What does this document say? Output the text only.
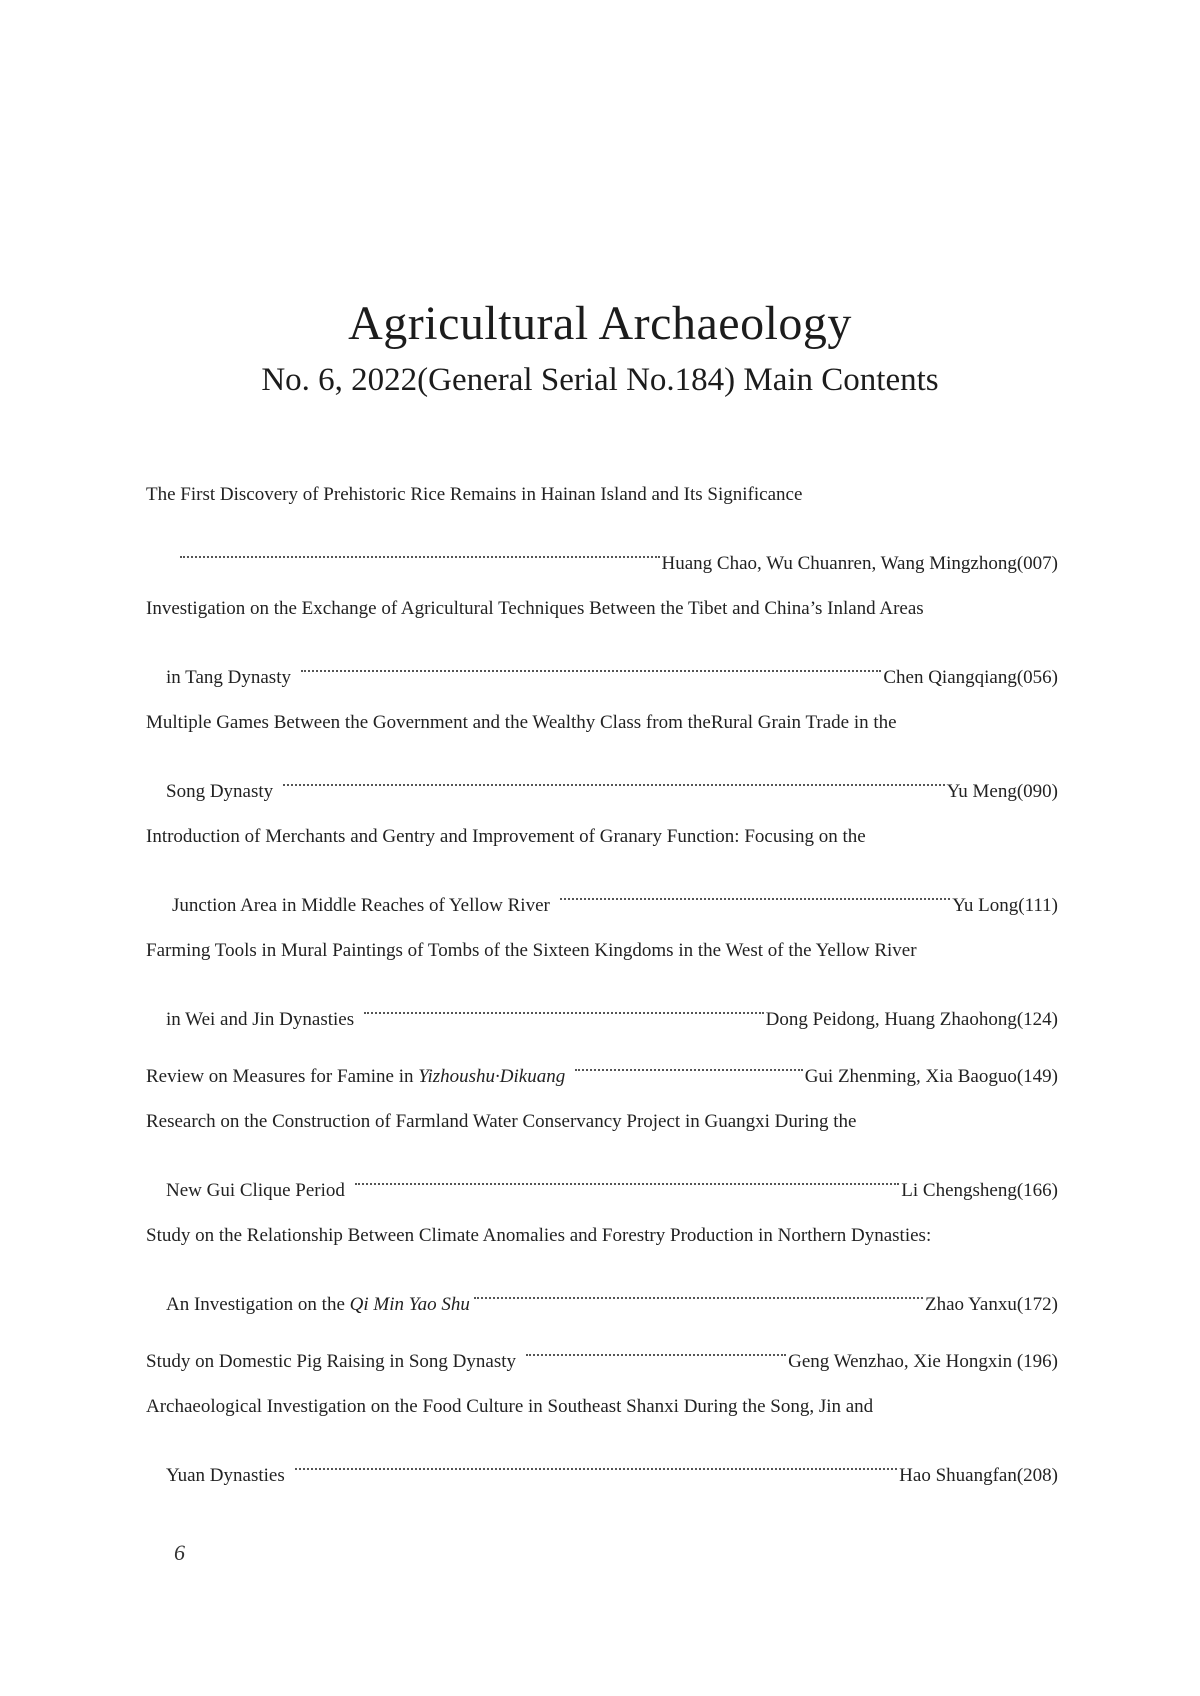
Agricultural Archaeology
No. 6, 2022(General Serial No.184) Main Contents
The First Discovery of Prehistoric Rice Remains in Hainan Island and Its Significance
Huang Chao, Wu Chuanren, Wang Mingzhong(007)
Investigation on the Exchange of Agricultural Techniques Between the Tibet and China’s Inland Areas
in Tang Dynasty	Chen Qiangqiang(056)
Multiple Games Between the Government and the Wealthy Class from theRural Grain Trade in the
Song Dynasty	Yu Meng(090)
Introduction of Merchants and Gentry and Improvement of Granary Function: Focusing on the
Junction Area in Middle Reaches of Yellow River	Yu Long(111)
Farming Tools in Mural Paintings of Tombs of the Sixteen Kingdoms in the West of the Yellow River
in Wei and Jin Dynasties	Dong Peidong, Huang Zhaohong(124)
Review on Measures for Famine in Yizhoushu·Dikuang	Gui Zhenming, Xia Baoguo(149)
Research on the Construction of Farmland Water Conservancy Project in Guangxi During the
New Gui Clique Period	Li Chengsheng(166)
Study on the Relationship Between Climate Anomalies and Forestry Production in Northern Dynasties:
An Investigation on the Qi Min Yao Shu	Zhao Yanxu(172)
Study on Domestic Pig Raising in Song Dynasty	Geng Wenzhao, Xie Hongxin (196)
Archaeological Investigation on the Food Culture in Southeast Shanxi During the Song, Jin and
Yuan Dynasties	Hao Shuangfan(208)
6
